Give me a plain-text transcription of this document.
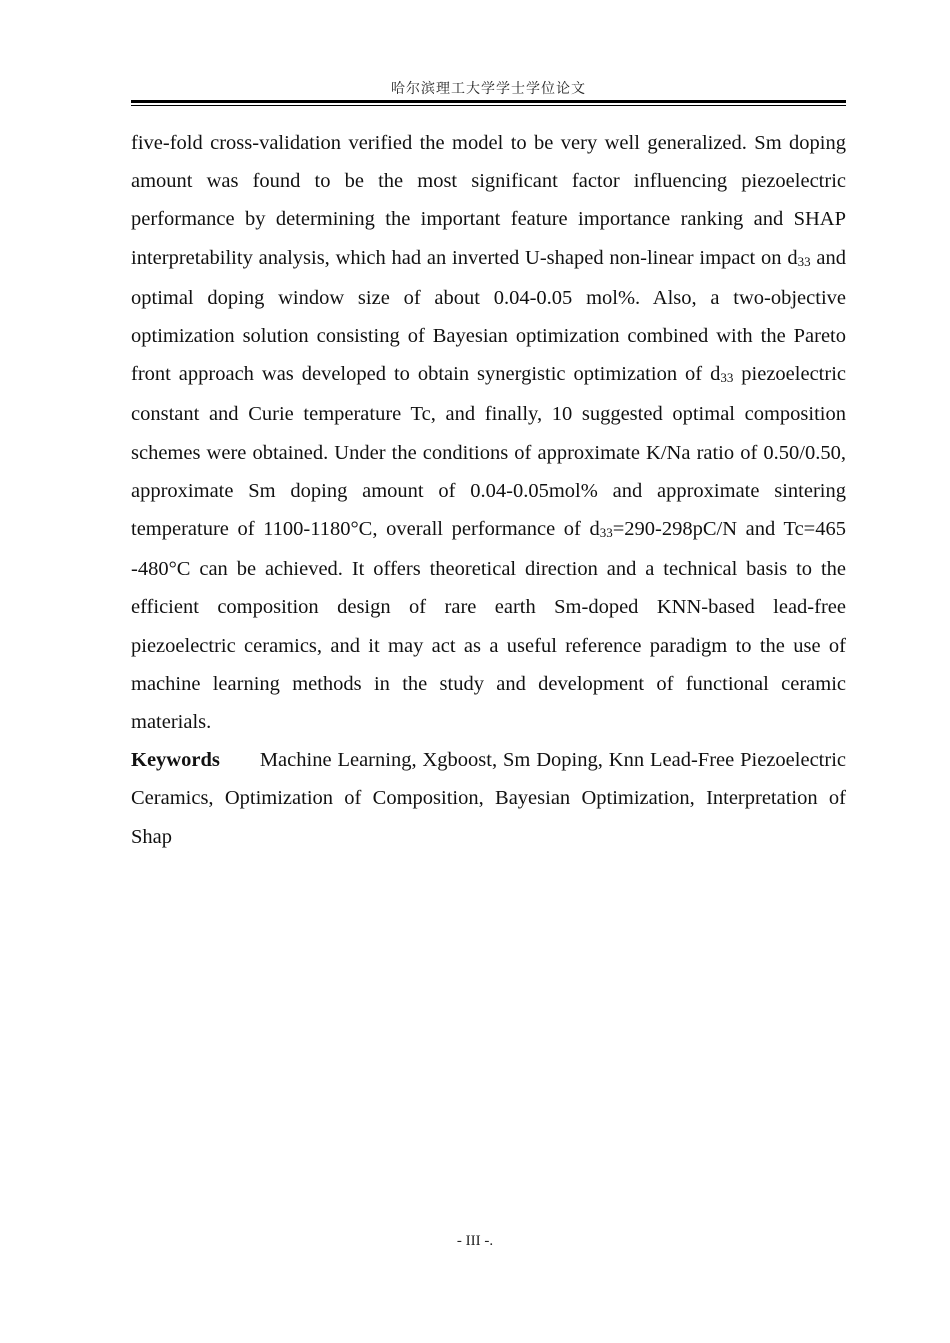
哈尔滨理工大学学士学位论文

five-fold cross-validation verified the model to be very well generalized. Sm doping amount was found to be the most significant factor influencing piezoelectric performance by determining the important feature importance ranking and SHAP interpretability analysis, which had an inverted U-shaped non-linear impact on $d_{33}$ and optimal doping window size of about 0.04-0.05 mol%. Also, a two-objective optimization solution consisting of Bayesian optimization combined with the Pareto front approach was developed to obtain synergistic optimization of $d_{33}$ piezoelectric constant and Curie temperature Tc, and finally, 10 suggested optimal composition schemes were obtained. Under the conditions of approximate K/Na ratio of 0.50/0.50, approximate Sm doping amount of 0.04-0.05mol% and approximate sintering temperature of 1100-1180°C, overall performance of $d_{33}=290-298pC/N$ and Tc=465 -480°C can be achieved. It offers theoretical direction and a technical basis to the efficient composition design of rare earth Sm-doped KNN-based lead-free piezoelectric ceramics, and it may act as a useful reference paradigm to the use of machine learning methods in the study and development of functional ceramic materials.

Keywords Machine Learning, Xgboost, Sm Doping, Knn Lead-Free Piezoelectric Ceramics, Optimization of Composition, Bayesian Optimization, Interpretation of Shap

- III -.
